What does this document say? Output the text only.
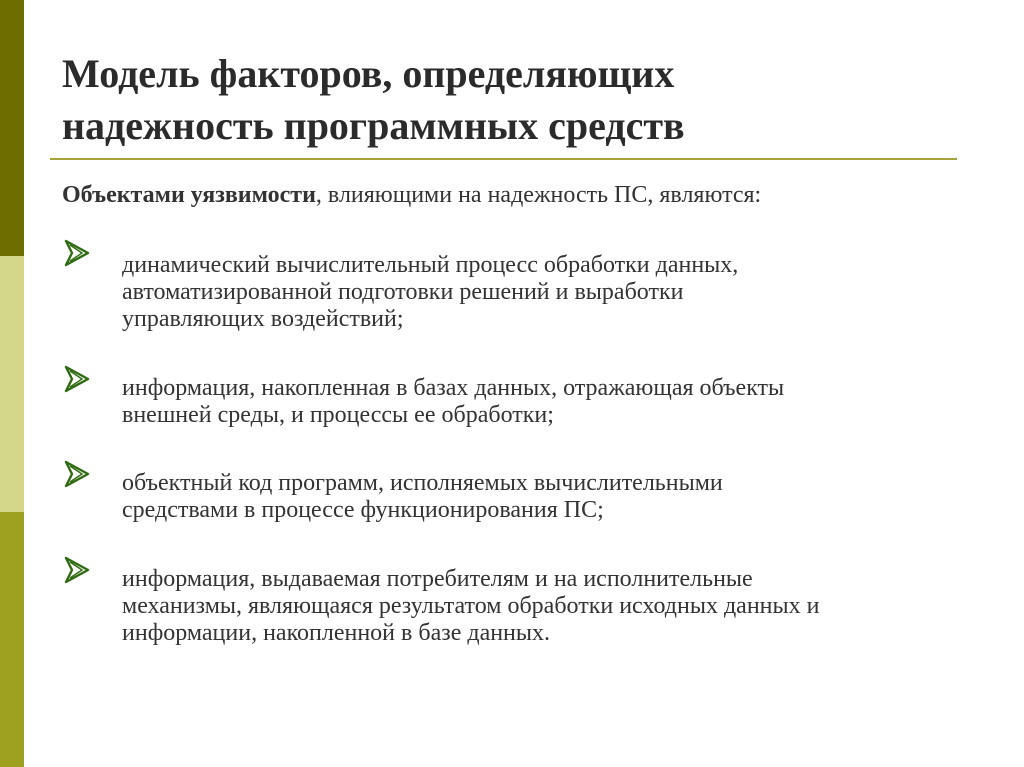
Модель факторов, определяющих
надежность программных средств
Объектами уязвимости, влияющими на надежность ПС, являются:
динамический вычислительный процесс обработки данных,
автоматизированной подготовки решений и выработки
управляющих воздействий;
информация, накопленная в базах данных, отражающая объекты
внешней среды, и процессы ее обработки;
объектный код программ, исполняемых вычислительными
средствами в процессе функционирования ПС;
информация, выдаваемая потребителям и на исполнительные
механизмы, являющаяся результатом обработки исходных данных и
информации, накопленной в базе данных.
